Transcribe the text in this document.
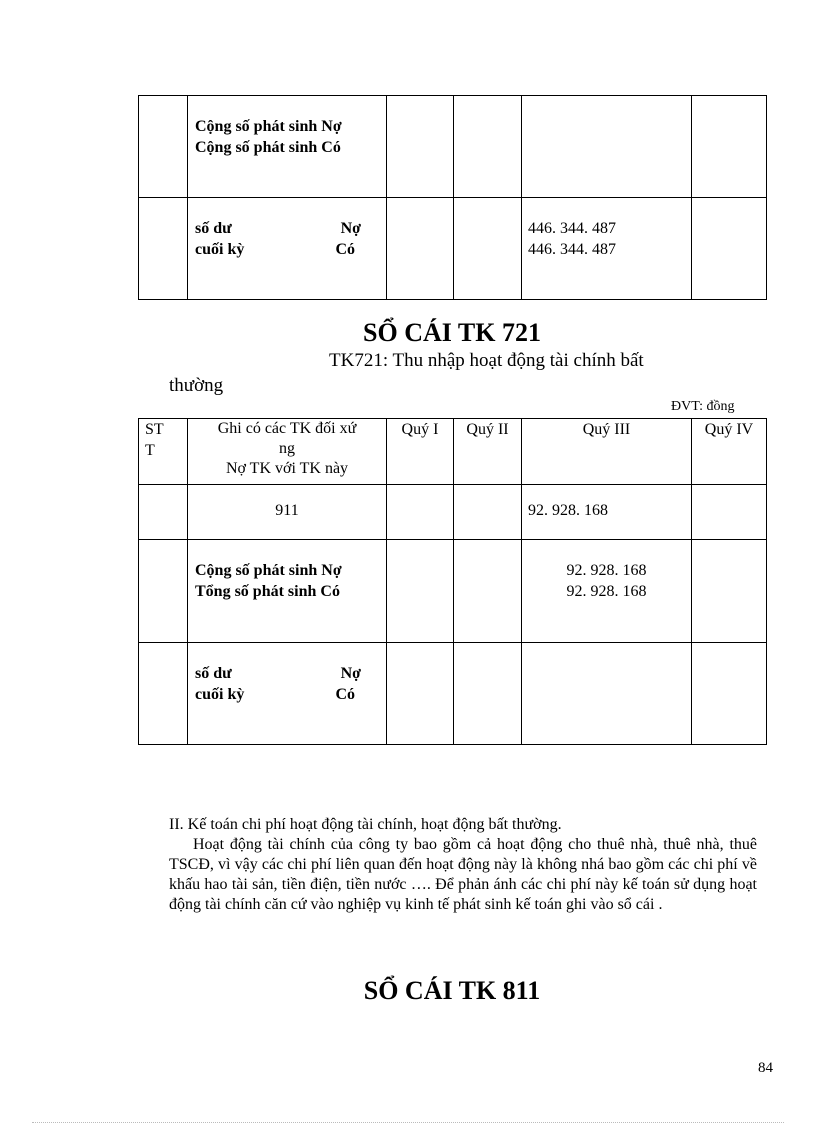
	Cộng số phát sinh Nợ
Cộng số phát sinh Có				

	số dư Nợ
cuối kỳ Có			446. 344. 487
446. 344. 487	

SỔ CÁI TK 721
TK721: Thu nhập hoạt động tài chính bất
thường
ĐVT: đồng
ST
T	Ghi có các TK đối xứ
ng
Nợ TK với TK này	Quý I	Quý II	Quý III	Quý IV
	911			92. 928. 168	

	Cộng số phát sinh Nợ
Tổng số phát sinh Có			92. 928. 168
92. 928. 168	

	số dư Nợ
cuối kỳ Có				

II. Kế toán chi phí hoạt động tài chính, hoạt động bất thường.
Hoạt động tài chính của công ty bao gồm cả hoạt động cho thuê nhà, thuê nhà, thuê TSCĐ, vì vậy các chi phí liên quan đến hoạt động này là không nhá bao gồm các chi phí về khấu hao tài sản, tiền điện, tiền nước …. Để phản ánh các chi phí này kế toán sử dụng hoạt động tài chính căn cứ vào nghiệp vụ kinh tế phát sinh kế toán ghi vào sổ cái .
SỔ CÁI TK 811
84
